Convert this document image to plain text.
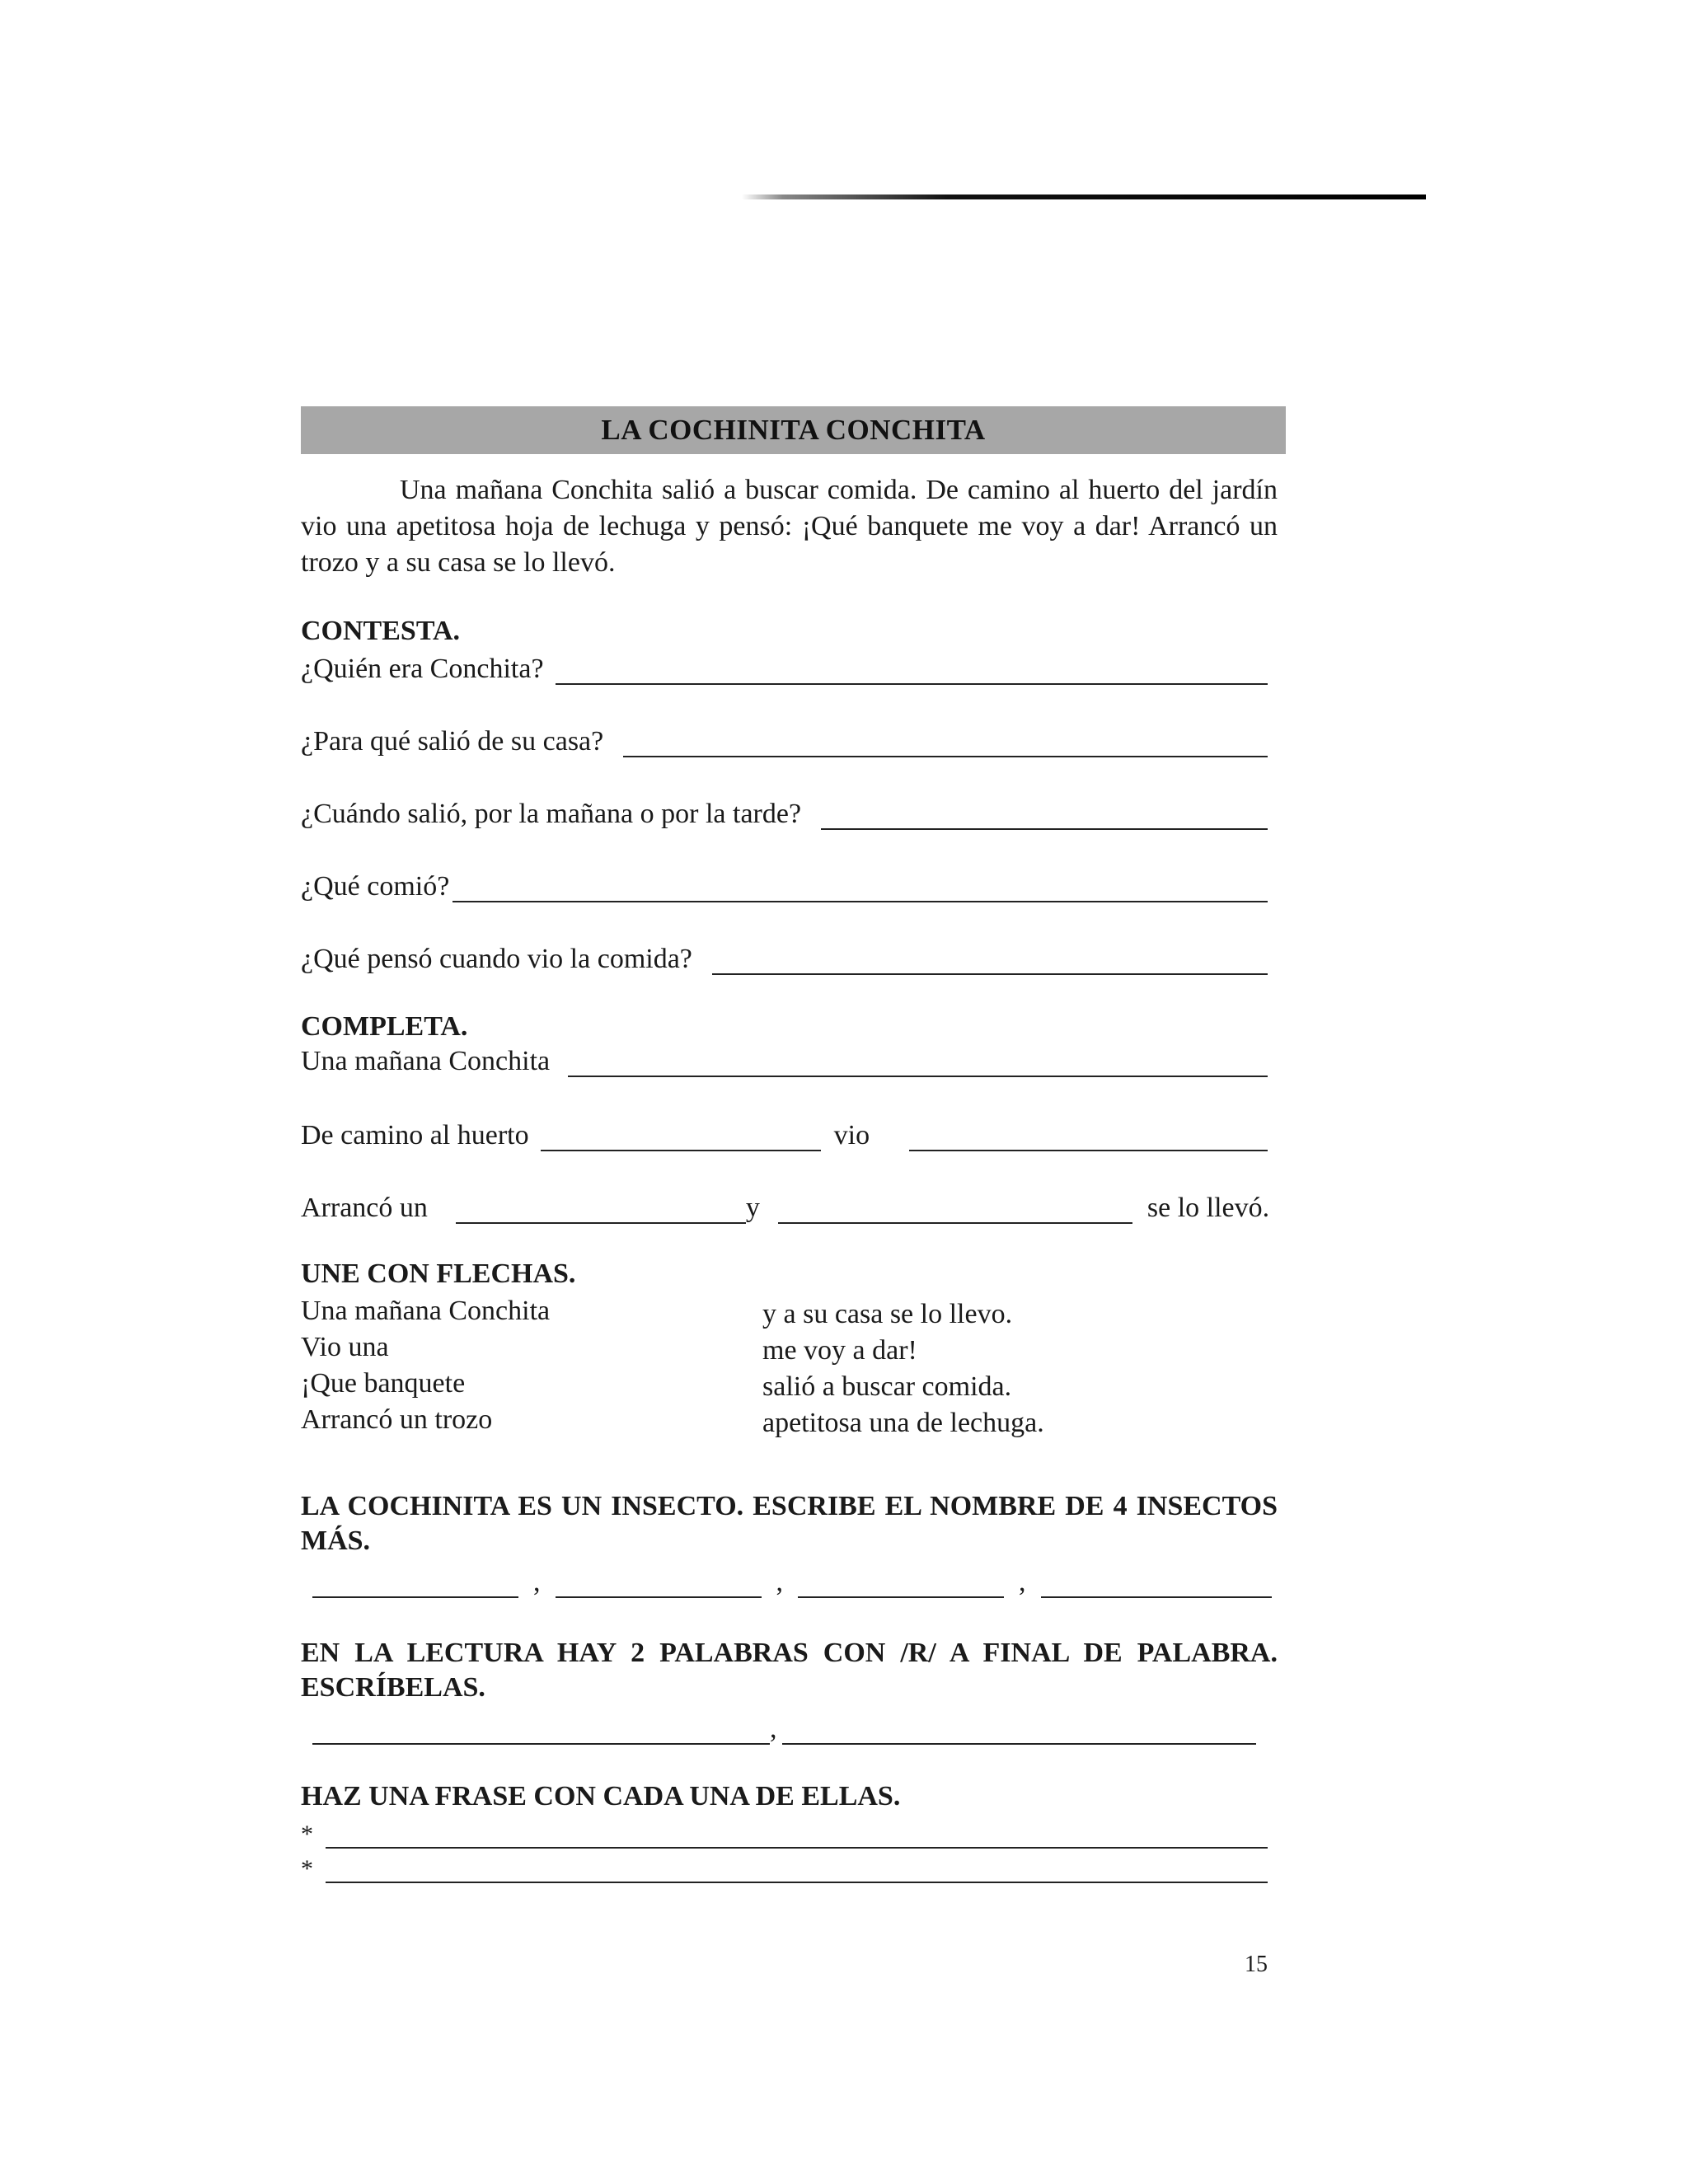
LA COCHINITA CONCHITA
Una mañana Conchita salió a buscar comida. De camino al huerto del jardín vio una apetitosa hoja de lechuga y pensó: ¡Qué banquete me voy a dar! Arrancó un trozo y a su casa se lo llevó.
CONTESTA.
¿Quién era Conchita?
¿Para qué salió de su casa?
¿Cuándo salió, por la mañana o por la tarde?
¿Qué comió?
¿Qué pensó cuando vio la comida?
COMPLETA.
Una mañana Conchita
De camino al huerto	vio
Arrancó un	y	se lo llevó.
UNE CON FLECHAS.
Una mañana Conchita
Vio una
¡Que banquete
Arrancó un trozo
y a su casa se lo llevo.
me voy a dar!
salió a buscar comida.
apetitosa una de lechuga.
LA COCHINITA ES UN INSECTO. ESCRIBE EL NOMBRE DE 4 INSECTOS MÁS.
,	,	,
EN LA LECTURA HAY 2 PALABRAS CON /R/ A FINAL DE PALABRA. ESCRÍBELAS.
,
HAZ UNA FRASE CON CADA UNA DE ELLAS.
*
*
15
